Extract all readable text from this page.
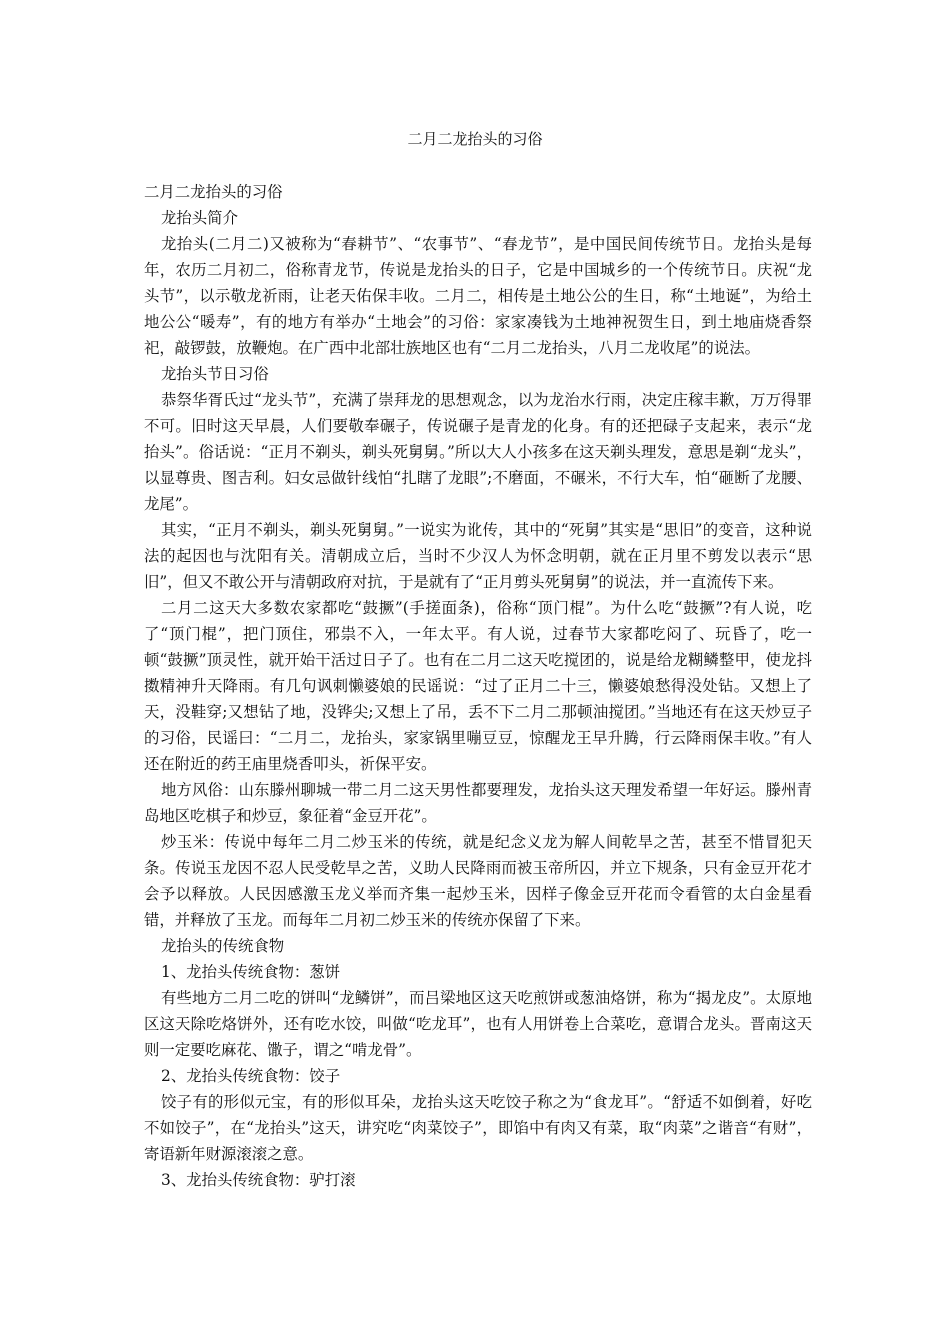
二月二龙抬头的习俗

二月二龙抬头的习俗

龙抬头简介

龙抬头(二月二)又被称为“春耕节”、“农事节”、“春龙节”，是中国民间传统节日。龙抬头是每年，农历二月初二，俗称青龙节，传说是龙抬头的日子，它是中国城乡的一个传统节日。庆祝“龙头节”，以示敬龙祈雨，让老天佑保丰收。二月二，相传是土地公公的生日，称“土地诞”，为给土地公公“暖寿”，有的地方有举办“土地会”的习俗：家家凑钱为土地神祝贺生日，到土地庙烧香祭祀，敲锣鼓，放鞭炮。在广西中北部壮族地区也有“二月二龙抬头，八月二龙收尾”的说法。

龙抬头节日习俗

恭祭华胥氏过“龙头节”，充满了崇拜龙的思想观念，以为龙治水行雨，决定庄稼丰歉，万万得罪不可。旧时这天早晨，人们要敬奉碾子，传说碾子是青龙的化身。有的还把碌子支起来，表示“龙抬头”。俗话说：“正月不剃头，剃头死舅舅。”所以大人小孩多在这天剃头理发，意思是剃“龙头”，以显尊贵、图吉利。妇女忌做针线怕“扎瞎了龙眼”;不磨面，不碾米，不行大车，怕“砸断了龙腰、龙尾”。

其实，“正月不剃头，剃头死舅舅。”一说实为讹传，其中的“死舅”其实是“思旧”的变音，这种说法的起因也与沈阳有关。清朝成立后，当时不少汉人为怀念明朝，就在正月里不剪发以表示“思旧”，但又不敢公开与清朝政府对抗，于是就有了“正月剪头死舅舅”的说法，并一直流传下来。

二月二这天大多数农家都吃“鼓撅”(手搓面条)，俗称“顶门棍”。为什么吃“鼓撅”?有人说，吃了“顶门棍”，把门顶住，邪祟不入，一年太平。有人说，过春节大家都吃闷了、玩昏了，吃一顿“鼓撅”顶灵性，就开始干活过日子了。也有在二月二这天吃搅团的，说是给龙糊鳞整甲，使龙抖擞精神升天降雨。有几句讽刺懒婆娘的民谣说：“过了正月二十三，懒婆娘愁得没处钻。又想上了天，没鞋穿;又想钻了地，没铧尖;又想上了吊，丢不下二月二那顿油搅团。”当地还有在这天炒豆子的习俗，民谣曰：“二月二，龙抬头，家家锅里嘣豆豆，惊醒龙王早升腾，行云降雨保丰收。”有人还在附近的药王庙里烧香叩头，祈保平安。

地方风俗：山东滕州聊城一带二月二这天男性都要理发，龙抬头这天理发希望一年好运。滕州青岛地区吃棋子和炒豆，象征着“金豆开花”。

炒玉米：传说中每年二月二炒玉米的传统，就是纪念义龙为解人间乾旱之苦，甚至不惜冒犯天条。传说玉龙因不忍人民受乾旱之苦，义助人民降雨而被玉帝所囚，并立下规条，只有金豆开花才会予以释放。人民因感激玉龙义举而齐集一起炒玉米，因样子像金豆开花而令看管的太白金星看错，并释放了玉龙。而每年二月初二炒玉米的传统亦保留了下来。

龙抬头的传统食物

1、龙抬头传统食物：葱饼

有些地方二月二吃的饼叫“龙鳞饼”，而吕梁地区这天吃煎饼或葱油烙饼，称为“揭龙皮”。太原地区这天除吃烙饼外，还有吃水饺，叫做“吃龙耳”，也有人用饼卷上合菜吃，意谓合龙头。晋南这天则一定要吃麻花、馓子，谓之“啃龙骨”。

2、龙抬头传统食物：饺子

饺子有的形似元宝，有的形似耳朵，龙抬头这天吃饺子称之为“食龙耳”。“舒适不如倒着，好吃不如饺子”，在“龙抬头”这天，讲究吃“肉菜饺子”，即馅中有肉又有菜，取“肉菜”之谐音“有财”，寄语新年财源滚滚之意。

3、龙抬头传统食物：驴打滚
